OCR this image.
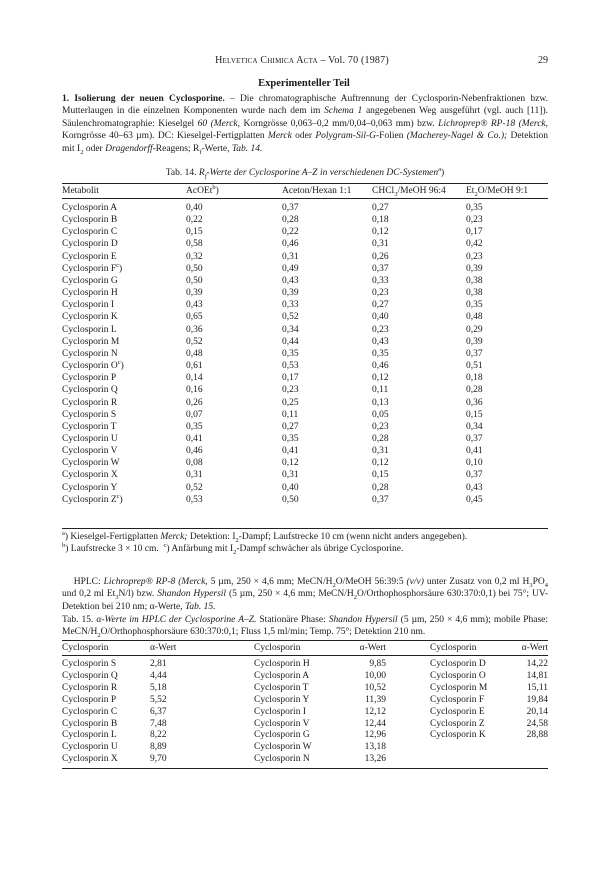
Helvetica Chimica Acta – Vol. 70 (1987)	29
Experimenteller Teil
1. Isolierung der neuen Cyclosporine. – Die chromatographische Auftrennung der Cyclosporin-Nebenfraktionen bzw. Mutterlaugen in die einzelnen Komponenten wurde nach dem im Schema 1 angegebenen Weg ausgeführt (vgl. auch [11]). Säulenchromatographie: Kieselgel 60 (Merck, Korngrösse 0,063–0,2 mm/0,04–0,063 mm) bzw. Lichroprep® RP-18 (Merck, Korngrösse 40–63 µm). DC: Kieselgel-Fertigplatten Merck oder Polygram-Sil-G-Folien (Macherey-Nagel & Co.); Detektion mit $I_2$ oder Dragendorff-Reagens; $R_f$-Werte, Tab. 14.
Tab. 14. $R_f$-Werte der Cyclosporine A–Z in verschiedenen DC-Systemen$^a$)
Metabolit	AcOEt$^b$)	Aceton/Hexan 1:1	CHCl$_3$/MeOH 96:4	$Et_2O$/MeOH 9:1
Cyclosporin A	0,40	0,37	0,27	0,35
Cyclosporin B	0,22	0,28	0,18	0,23
Cyclosporin C	0,15	0,22	0,12	0,17
Cyclosporin D	0,58	0,46	0,31	0,42
Cyclosporin E	0,32	0,31	0,26	0,23
Cyclosporin $F^c$)	0,50	0,49	0,37	0,39
Cyclosporin G	0,50	0,43	0,33	0,38
Cyclosporin H	0,39	0,39	0,23	0,38
Cyclosporin I	0,43	0,33	0,27	0,35
Cyclosporin K	0,65	0,52	0,40	0,48
Cyclosporin L	0,36	0,34	0,23	0,29
Cyclosporin M	0,52	0,44	0,43	0,39
Cyclosporin N	0,48	0,35	0,35	0,37
Cyclosporin $O^c$)	0,61	0,53	0,46	0,51
Cyclosporin P	0,14	0,17	0,12	0,18
Cyclosporin Q	0,16	0,23	0,11	0,28
Cyclosporin R	0,26	0,25	0,13	0,36
Cyclosporin S	0,07	0,11	0,05	0,15
Cyclosporin T	0,35	0,27	0,23	0,34
Cyclosporin U	0,41	0,35	0,28	0,37
Cyclosporin V	0,46	0,41	0,31	0,41
Cyclosporin W	0,08	0,12	0,12	0,10
Cyclosporin X	0,31	0,31	0,15	0,37
Cyclosporin Y	0,52	0,40	0,28	0,43
Cyclosporin $Z^c$)	0,53	0,50	0,37	0,45
$^a$) Kieselgel-Fertigplatten Merck; Detektion: $I_2$-Dampf; Laufstrecke 10 cm (wenn nicht anders angegeben).
$^b$) Laufstrecke 3 × 10 cm. $^c$) Anfärbung mit $I_2$-Dampf schwächer als übrige Cyclosporine.
HPLC: Lichroprep® RP-8 (Merck, 5 µm, 250 × 4,6 mm; MeCN/$H_2O$/MeOH 56:39:5 (v/v) unter Zusatz von 0,2 ml $H_3PO_4$ und 0,2 ml $Et_3N/l$) bzw. Shandon Hypersil (5 µm, 250 × 4,6 mm; MeCN/$H_2O$/Orthophosphorsäure 630:370:0,1) bei 75°; UV-Detektion bei 210 nm; α-Werte, Tab. 15.
Tab. 15. α-Werte im HPLC der Cyclosporine A–Z. Stationäre Phase: Shandon Hypersil (5 µm, 250 × 4,6 mm); mobile Phase: MeCN/$H_2O$/Orthophosphorsäure 630:370:0,1; Fluss 1,5 ml/min; Temp. 75°; Detektion 210 nm.
Cyclosporin	α-Wert		Cyclosporin	α-Wert		Cyclosporin	α-Wert
Cyclosporin S	2,81		Cyclosporin H	9,85		Cyclosporin D	14,22
Cyclosporin Q	4,44		Cyclosporin A	10,00		Cyclosporin O	14,81
Cyclosporin R	5,18		Cyclosporin T	10,52		Cyclosporin M	15,11
Cyclosporin P	5,52		Cyclosporin Y	11,39		Cyclosporin F	19,84
Cyclosporin C	6,37		Cyclosporin I	12,12		Cyclosporin E	20,14
Cyclosporin B	7,48		Cyclosporin V	12,44		Cyclosporin Z	24,58
Cyclosporin L	8,22		Cyclosporin G	12,96		Cyclosporin K	28,88
Cyclosporin U	8,89		Cyclosporin W	13,18			
Cyclosporin X	9,70		Cyclosporin N	13,26			
